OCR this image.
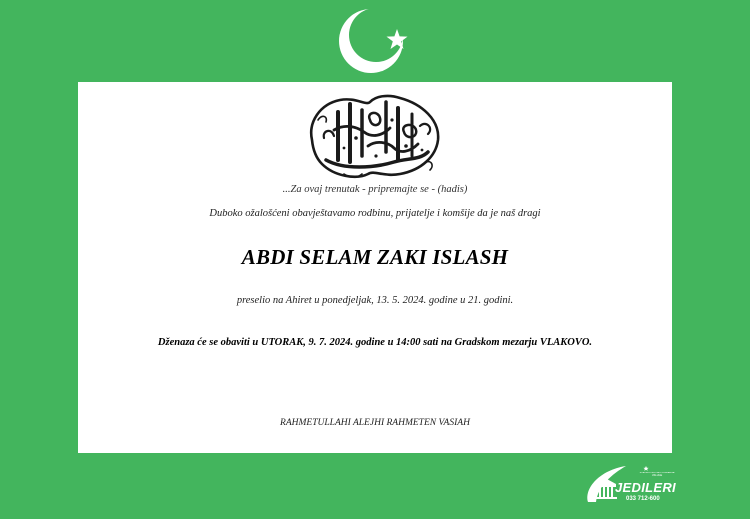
...Za ovaj trenutak - pripremajte se - (hadis)
Duboko ožalošćeni obavještavamo rodbinu, prijatelje i komšije da je naš dragi
ABDI SELAM ZAKI ISLASH
preselio na Ahiret u ponedjeljak, 13. 5. 2024. godine u 21. godini.
Dženaza će se obaviti u UTORAK, 9. 7. 2024. godine u 14:00 sati na Gradskom mezarju VLAKOVO.
RAHMETULLAHI ALEJHI RAHMETEN VASIAH
SVEOBUHVATNE POGREBNE USLUGE
JEDILERI
033 712-600
